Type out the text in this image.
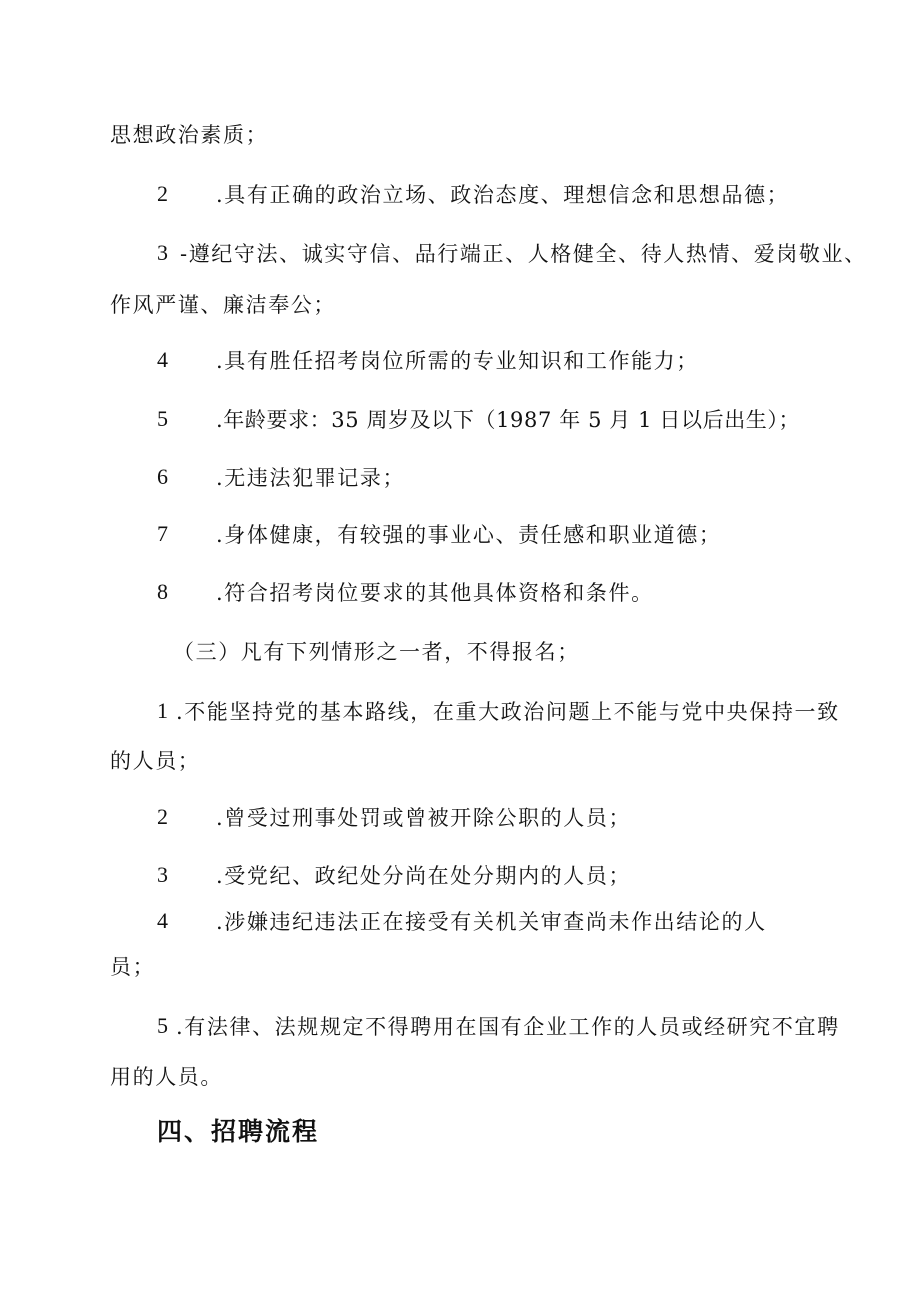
思想政治素质；
2 .具有正确的政治立场、政治态度、理想信念和思想品德；
3 -遵纪守法、诚实守信、品行端正、人格健全、待人热情、爱岗敬业、
作风严谨、廉洁奉公；
4 .具有胜任招考岗位所需的专业知识和工作能力；
5 .年龄要求：35 周岁及以下（1987 年 5 月 1 日以后出生）；
6 .无违法犯罪记录；
7 .身体健康，有较强的事业心、责任感和职业道德；
8 .符合招考岗位要求的其他具体资格和条件。
（三）凡有下列情形之一者，不得报名；
1 .不能坚持党的基本路线，在重大政治问题上不能与党中央保持一致
的人员；
2 .曾受过刑事处罚或曾被开除公职的人员；
3 .受党纪、政纪处分尚在处分期内的人员；
4 .涉嫌违纪违法正在接受有关机关审查尚未作出结论的人
员；
5 .有法律、法规规定不得聘用在国有企业工作的人员或经研究不宜聘
用的人员。
四、招聘流程
